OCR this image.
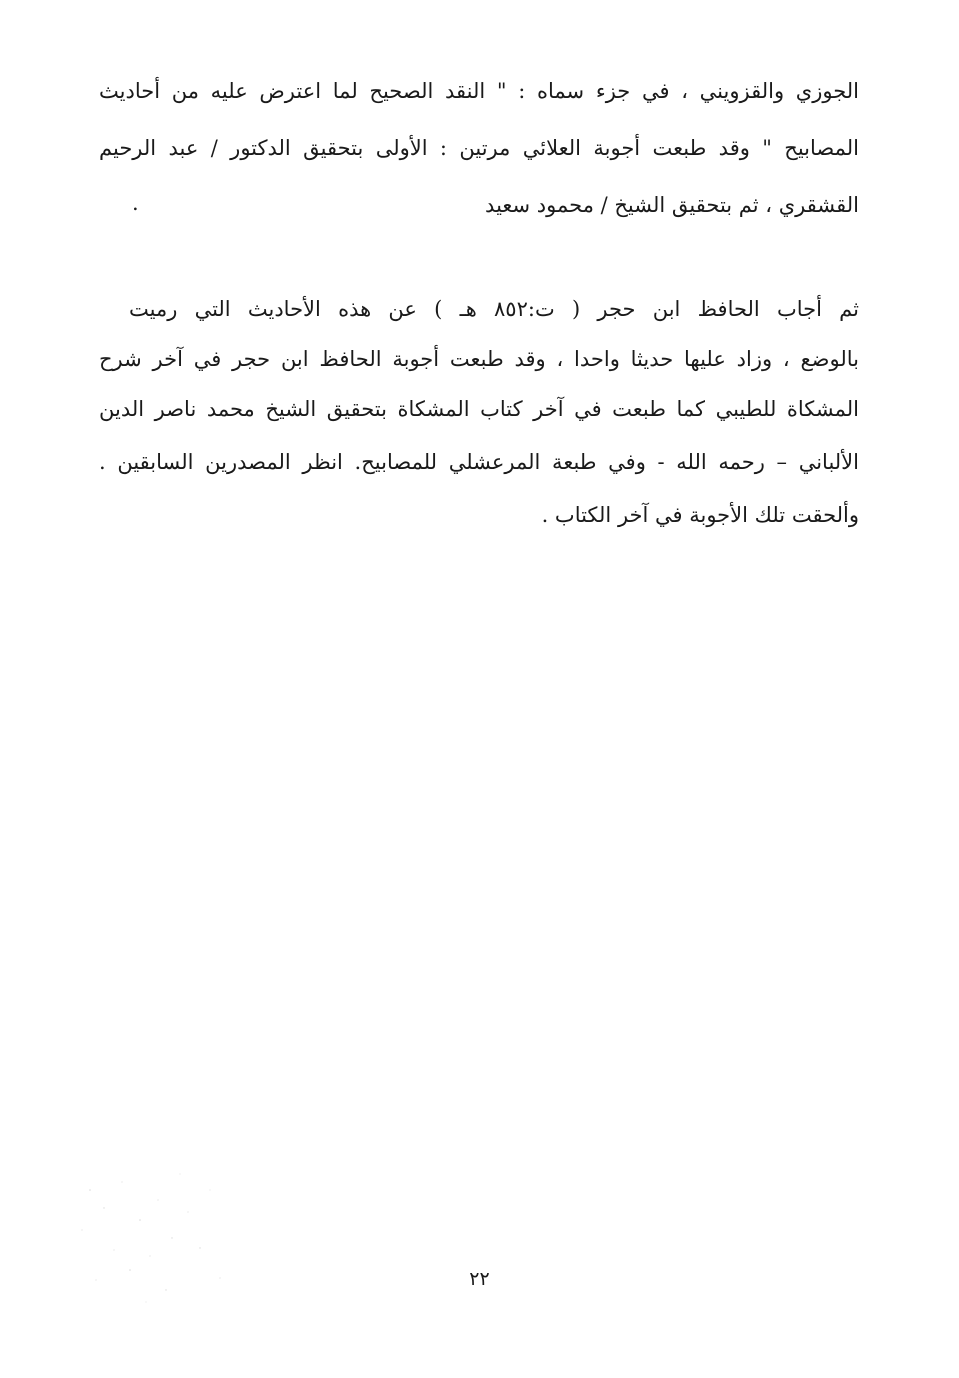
الجوزي والقزويني ، في جزء سماه : " النقد الصحيح لما اعترض عليه من أحاديث
المصابيح " وقد طبعت أجوبة العلائي مرتين : الأولى بتحقيق الدكتور / عبد الرحيم
القشقري ، ثم بتحقيق الشيخ / محمود سعيد
.
ثم أجاب الحافظ ابن حجر ( ت:٨٥٢ هـ ) عن هذه الأحاديث التي رميت
بالوضع ، وزاد عليها حديثا واحدا ، وقد طبعت أجوبة الحافظ ابن حجر في آخر شرح
المشكاة للطيبي كما طبعت في آخر كتاب المشكاة بتحقيق الشيخ محمد ناصر الدين
الألباني – رحمه الله - وفي طبعة المرعشلي للمصابيح. انظر المصدرين السابقين .
وألحقت تلك الأجوبة في آخر الكتاب .
٢٢
